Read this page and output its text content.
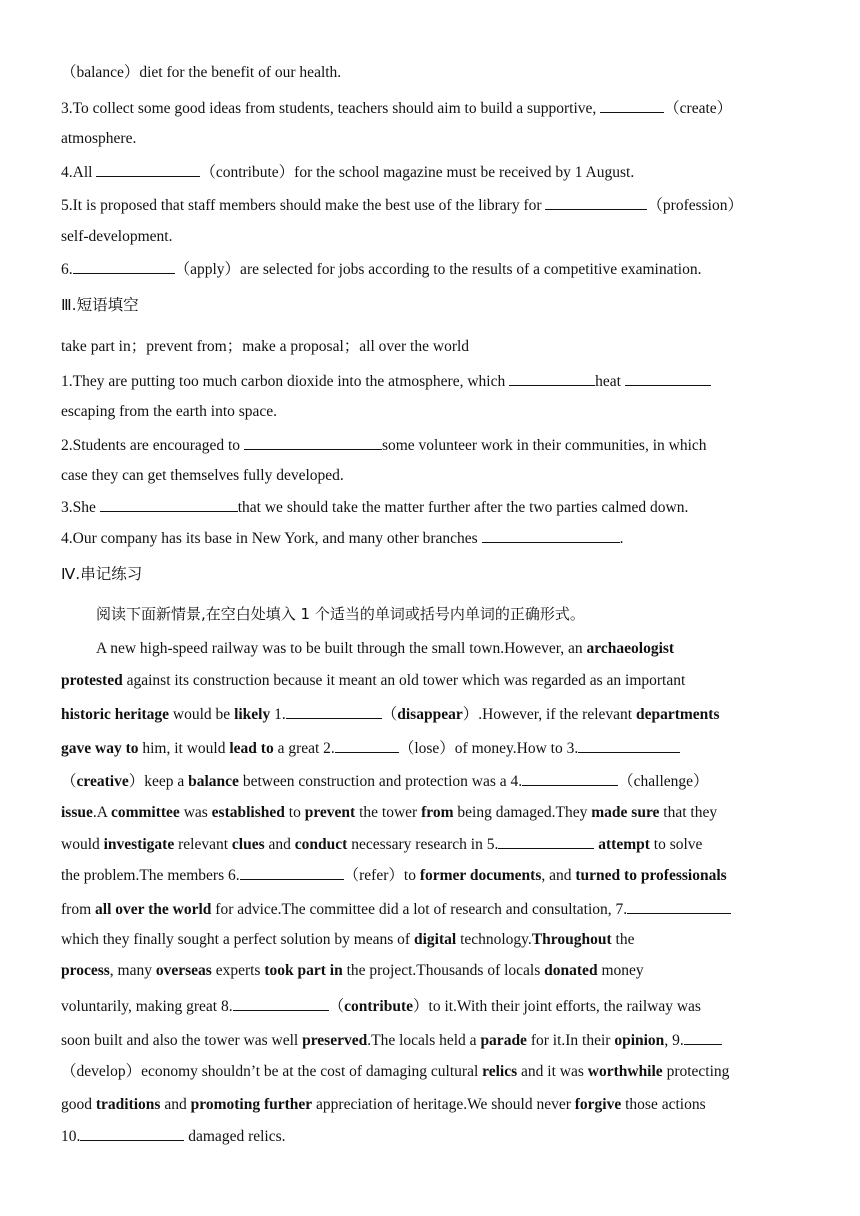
（balance）diet for the benefit of our health.
3.To collect some good ideas from students, teachers should aim to build a supportive,	（create）
atmosphere.
4.All	（contribute）for the school magazine must be received by 1 August.
5.It is proposed that staff members should make the best use of the library for	（profession）
self-development.
6.	（apply）are selected for jobs according to the results of a competitive examination.
Ⅲ.短语填空
take part in；prevent from；make a proposal；all over the world
1.They are putting too much carbon dioxide into the atmosphere, which	heat
escaping from the earth into space.
2.Students are encouraged to	some volunteer work in their communities, in which
case they can get themselves fully developed.
3.She	that we should take the matter further after the two parties calmed down.
4.Our company has its base in New York, and many other branches	.
Ⅳ.串记练习
阅读下面新情景,在空白处填入 1 个适当的单词或括号内单词的正确形式。
A new high-speed railway was to be built through the small town.However, an archaeologist
protested against its construction because it meant an old tower which was regarded as an important
historic heritage would be likely 1.	（disappear）.However, if the relevant departments
gave way to him, it would lead to a great 2.	（lose）of money.How to 3.
（creative）keep a balance between construction and protection was a 4.	（challenge）
issue.A committee was established to prevent the tower from being damaged.They made sure that they
would investigate relevant clues and conduct necessary research in 5.	attempt to solve
the problem.The members 6.	（refer）to former documents, and turned to professionals
from all over the world for advice.The committee did a lot of research and consultation, 7.
which they finally sought a perfect solution by means of digital technology.Throughout the
process, many overseas experts took part in the project.Thousands of locals donated money
voluntarily, making great 8.	（contribute）to it.With their joint efforts, the railway was
soon built and also the tower was well preserved.The locals held a parade for it.In their opinion, 9.
（develop）economy shouldn’t be at the cost of damaging cultural relics and it was worthwhile protecting
good traditions and promoting further appreciation of heritage.We should never forgive those actions
10.	damaged relics.
